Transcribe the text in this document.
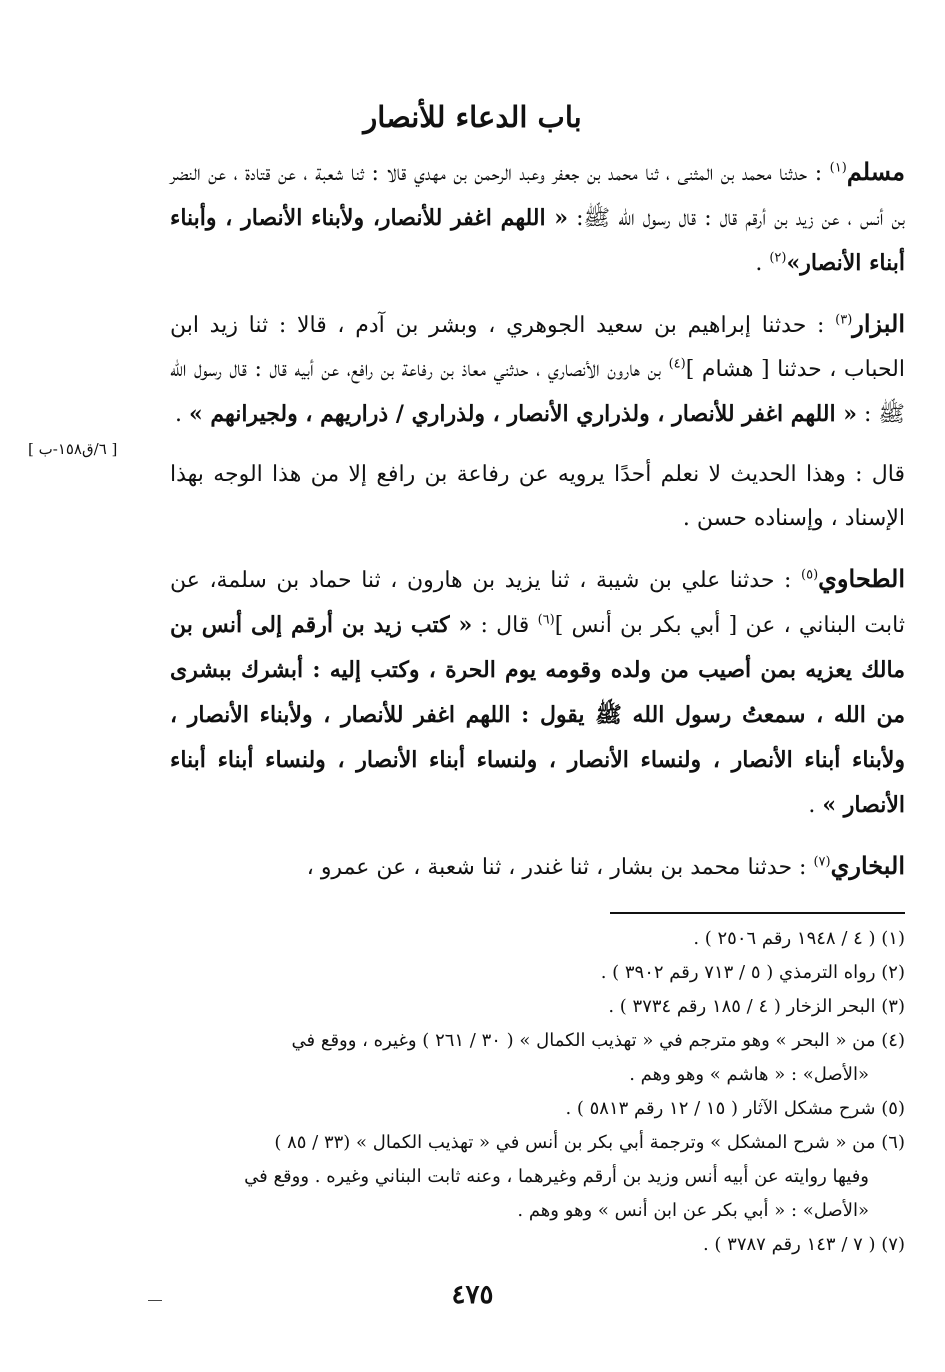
باب الدعاء للأنصار

مسلم$^{(١)}$ : حدثنا محمد بن المثنى ، ثنا محمد بن جعفر وعبد الرحمن بن مهدي قالا : ثنا شعبة ، عن قتادة ، عن النضر بن أنس ، عن زيد بن أرقم قال : قال رسول الله ﷺ: « اللهم اغفر للأنصار، ولأبناء الأنصار ، وأبناء أبناء الأنصار»$^{(٢)}$ .

البزار$^{(٣)}$ : حدثنا إبراهيم بن سعيد الجوهري ، وبشر بن آدم ، قالا : ثنا زيد ابن الحباب ، حدثنا [ هشام ]$^{(٤)}$ بن هارون الأنصاري ، حدثني معاذ بن رفاعة بن رافع، عن أبيه قال : قال رسول الله ﷺ : « اللهم اغفر للأنصار ، ولذراري الأنصار ، ولذراري / ذراريهم ، ولجيرانهم » .

قال : وهذا الحديث لا نعلم أحدًا يرويه عن رفاعة بن رافع إلا من هذا الوجه بهذا الإسناد ، وإسناده حسن .

الطحاوي$^{(٥)}$ : حدثنا علي بن شيبة ، ثنا يزيد بن هارون ، ثنا حماد بن سلمة، عن ثابت البناني ، عن [ أبي بكر بن أنس ]$^{(٦)}$ قال : « كتب زيد بن أرقم إلى أنس بن مالك يعزيه بمن أصيب من ولده وقومه يوم الحرة ، وكتب إليه : أبشرك ببشرى من الله ، سمعتُ رسول الله ﷺ يقول : اللهم اغفر للأنصار ، ولأبناء الأنصار ، ولأبناء أبناء الأنصار ، ولنساء الأنصار ، ولنساء أبناء الأنصار ، ولنساء أبناء أبناء الأنصار » .

البخاري$^{(٧)}$ : حدثنا محمد بن بشار ، ثنا غندر ، ثنا شعبة ، عن عمرو ،

[ ٦/ق١٥٨-ب ]

(١) ( ٤ / ١٩٤٨ رقم ٢٥٠٦ ) .

(٢) رواه الترمذي ( ٥ / ٧١٣ رقم ٣٩٠٢ ) .

(٣) البحر الزخار ( ٤ / ١٨٥ رقم ٣٧٣٤ ) .

(٤) من « البحر » وهو مترجم في « تهذيب الكمال » ( ٣٠ / ٢٦١ ) وغيره ، ووقع في

«الأصل» : « هاشم » وهو وهم .

(٥) شرح مشكل الآثار ( ١٥ / ١٢ رقم ٥٨١٣ ) .

(٦) من « شرح المشكل » وترجمة أبي بكر بن أنس في « تهذيب الكمال » (٣٣ / ٨٥ )

وفيها روايته عن أبيه أنس وزيد بن أرقم وغيرهما ، وعنه ثابت البناني وغيره . ووقع في

«الأصل» : « أبي بكر عن ابن أنس » وهو وهم .

(٧) ( ٧ / ١٤٣ رقم ٣٧٨٧ ) .

٤٧٥
